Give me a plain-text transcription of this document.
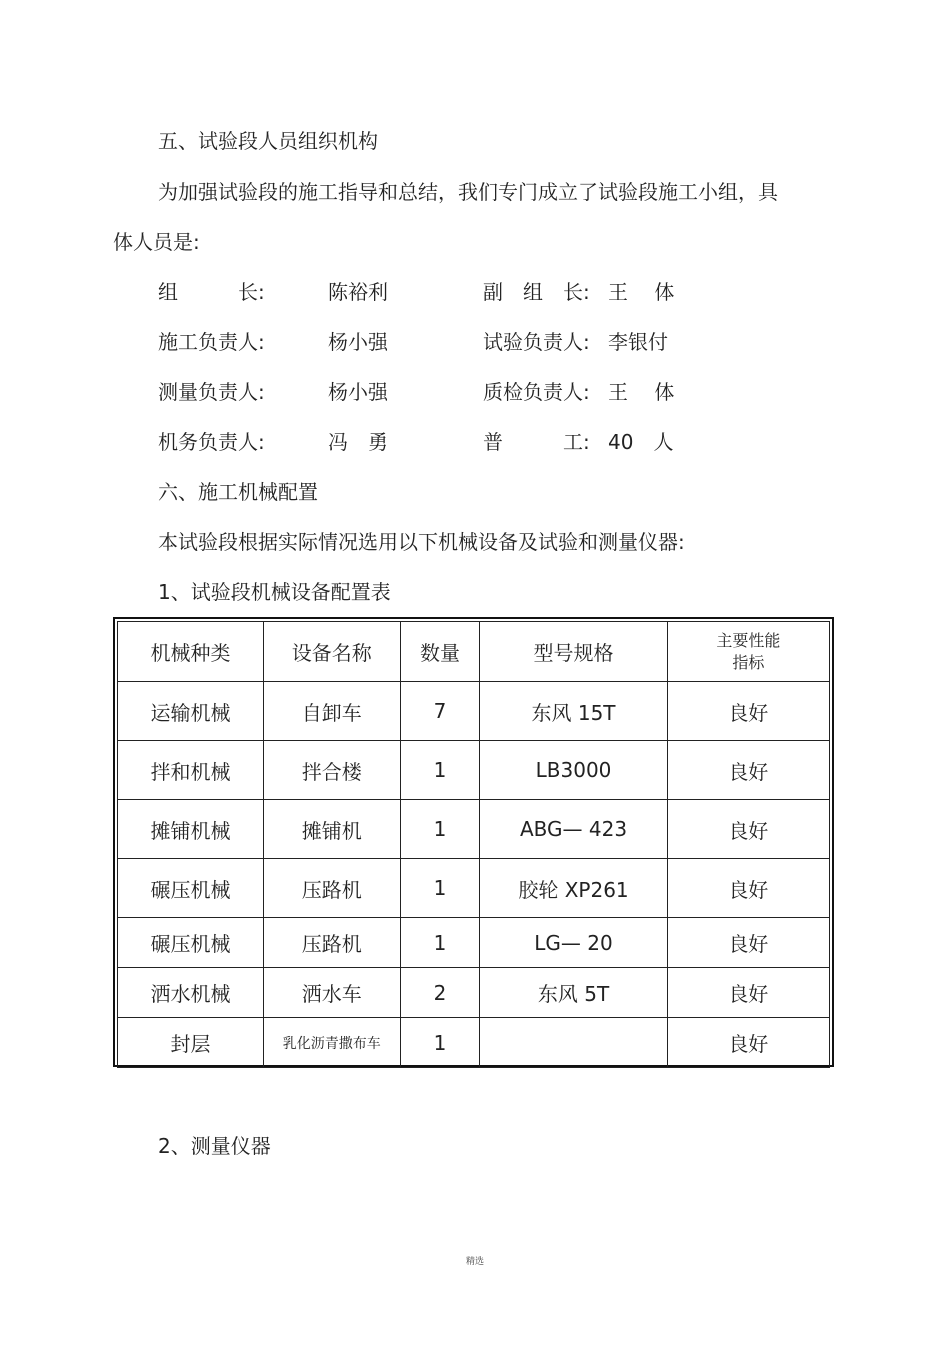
五、试验段人员组织机构
为加强试验段的施工指导和总结，我们专门成立了试验段施工小组，具
体人员是:
组　　　长:	陈裕利	副　组　长: 王　 体
施工负责人:	杨小强	试验负责人: 李银付
测量负责人:	杨小强	质检负责人: 王　 体
机务负责人:	冯　勇	普　　　工: 40　人
六、施工机械配置
本试验段根据实际情况选用以下机械设备及试验和测量仪器:
1、试验段机械设备配置表
机械种类	设备名称	数量	型号规格	主要性能
指标
运输机械	自卸车	7	东风 15T	良好
拌和机械	拌合楼	1	LB3000	良好
摊铺机械	摊铺机	1	ABG— 423	良好
碾压机械	压路机	1	胶轮 XP261	良好
碾压机械	压路机	1	LG— 20	良好
洒水机械	洒水车	2	东风 5T	良好
封层	乳化沥青撒布车	1		良好
2、测量仪器
精选
